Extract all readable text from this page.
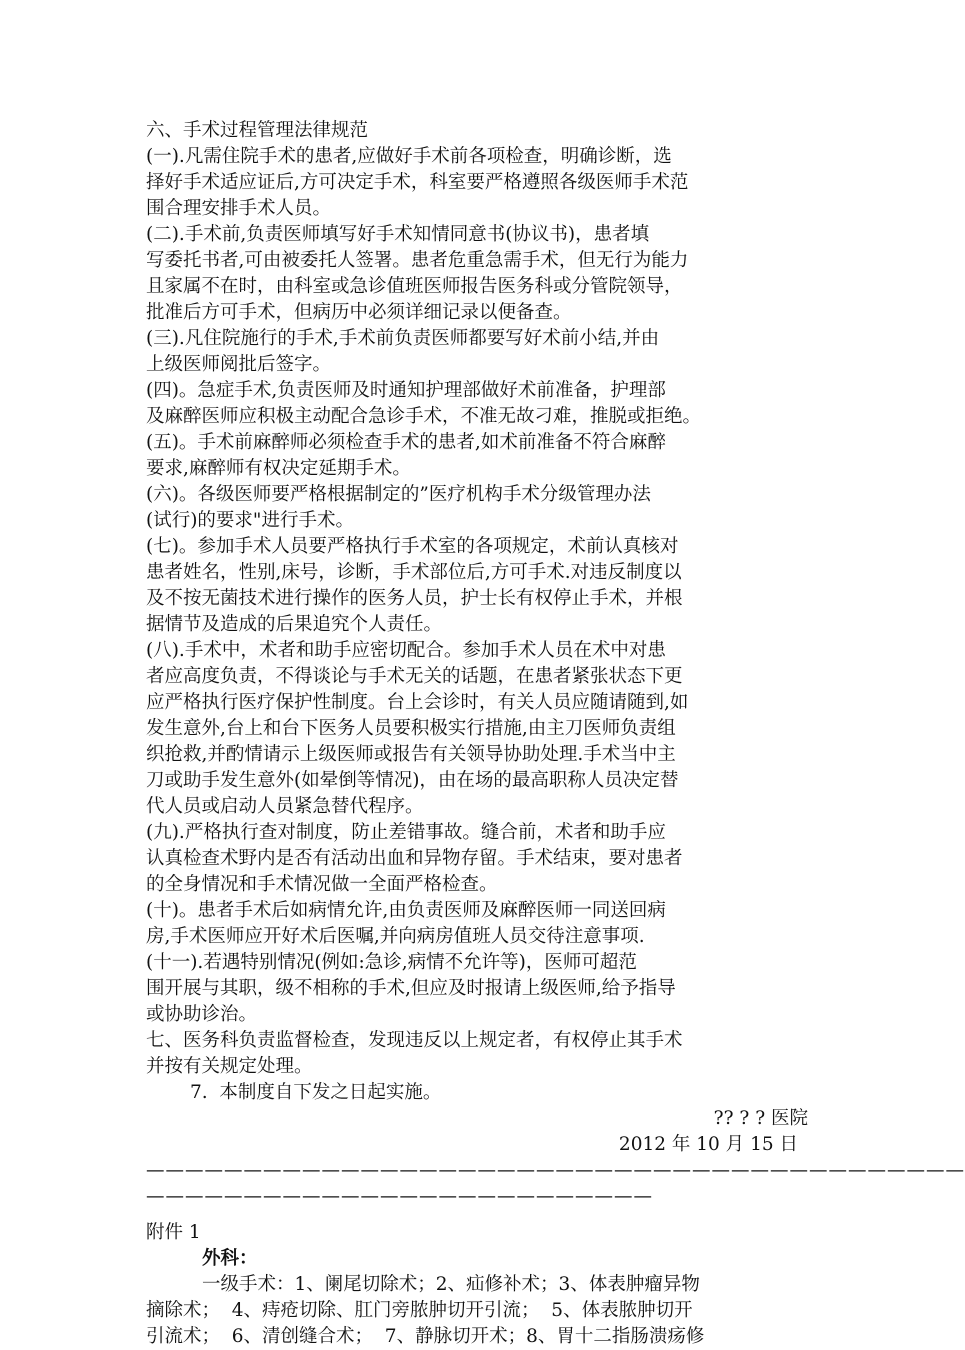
六、手术过程管理法律规范
(一).凡需住院手术的患者,应做好手术前各项检查，明确诊断，选
择好手术适应证后,方可决定手术，科室要严格遵照各级医师手术范
围合理安排手术人员。
(二).手术前,负责医师填写好手术知情同意书(协议书)，患者填
写委托书者,可由被委托人签署。患者危重急需手术，但无行为能力
且家属不在时，由科室或急诊值班医师报告医务科或分管院领导，
批准后方可手术，但病历中必须详细记录以便备查。
(三).凡住院施行的手术,手术前负责医师都要写好术前小结,并由
上级医师阅批后签字。
(四)。急症手术,负责医师及时通知护理部做好术前准备，护理部
及麻醉医师应积极主动配合急诊手术，不准无故刁难，推脱或拒绝。
(五)。手术前麻醉师必须检查手术的患者,如术前准备不符合麻醉
要求,麻醉师有权决定延期手术。
(六)。各级医师要严格根据制定的”医疗机构手术分级管理办法
(试行)的要求"进行手术。
(七)。参加手术人员要严格执行手术室的各项规定，术前认真核对
患者姓名，性别,床号，诊断，手术部位后,方可手术.对违反制度以
及不按无菌技术进行操作的医务人员，护士长有权停止手术，并根
据情节及造成的后果追究个人责任。
(八).手术中，术者和助手应密切配合。参加手术人员在术中对患
者应高度负责，不得谈论与手术无关的话题，在患者紧张状态下更
应严格执行医疗保护性制度。台上会诊时，有关人员应随请随到,如
发生意外,台上和台下医务人员要积极实行措施,由主刀医师负责组
织抢救,并酌情请示上级医师或报告有关领导协助处理.手术当中主
刀或助手发生意外(如晕倒等情况)，由在场的最高职称人员决定替
代人员或启动人员紧急替代程序。
(九).严格执行查对制度，防止差错事故。缝合前，术者和助手应
认真检查术野内是否有活动出血和异物存留。手术结束，要对患者
的全身情况和手术情况做一全面严格检查。
(十)。患者手术后如病情允许,由负责医师及麻醉医师一同送回病
房,手术医师应开好术后医嘱,并向病房值班人员交待注意事项.
(十一).若遇特别情况(例如:急诊,病情不允许等)，医师可超范
围开展与其职，级不相称的手术,但应及时报请上级医师,给予指导
或协助诊治。
七、医务科负责监督检查，发现违反以上规定者，有权停止其手术
并按有关规定处理。
7.  本制度自下发之日起实施。
?? ? ? 医院
2012 年 10 月 15 日
——————————————————————————————————————————
——————————————————————————
附件 1
外科：
一级手术：1、阑尾切除术；2、疝修补术；3、体表肿瘤异物
摘除术；  4、痔疮切除、肛门旁脓肿切开引流；  5、体表脓肿切开
引流术；  6、清创缝合术；  7、静脉切开术；8、胃十二指肠溃疡修
